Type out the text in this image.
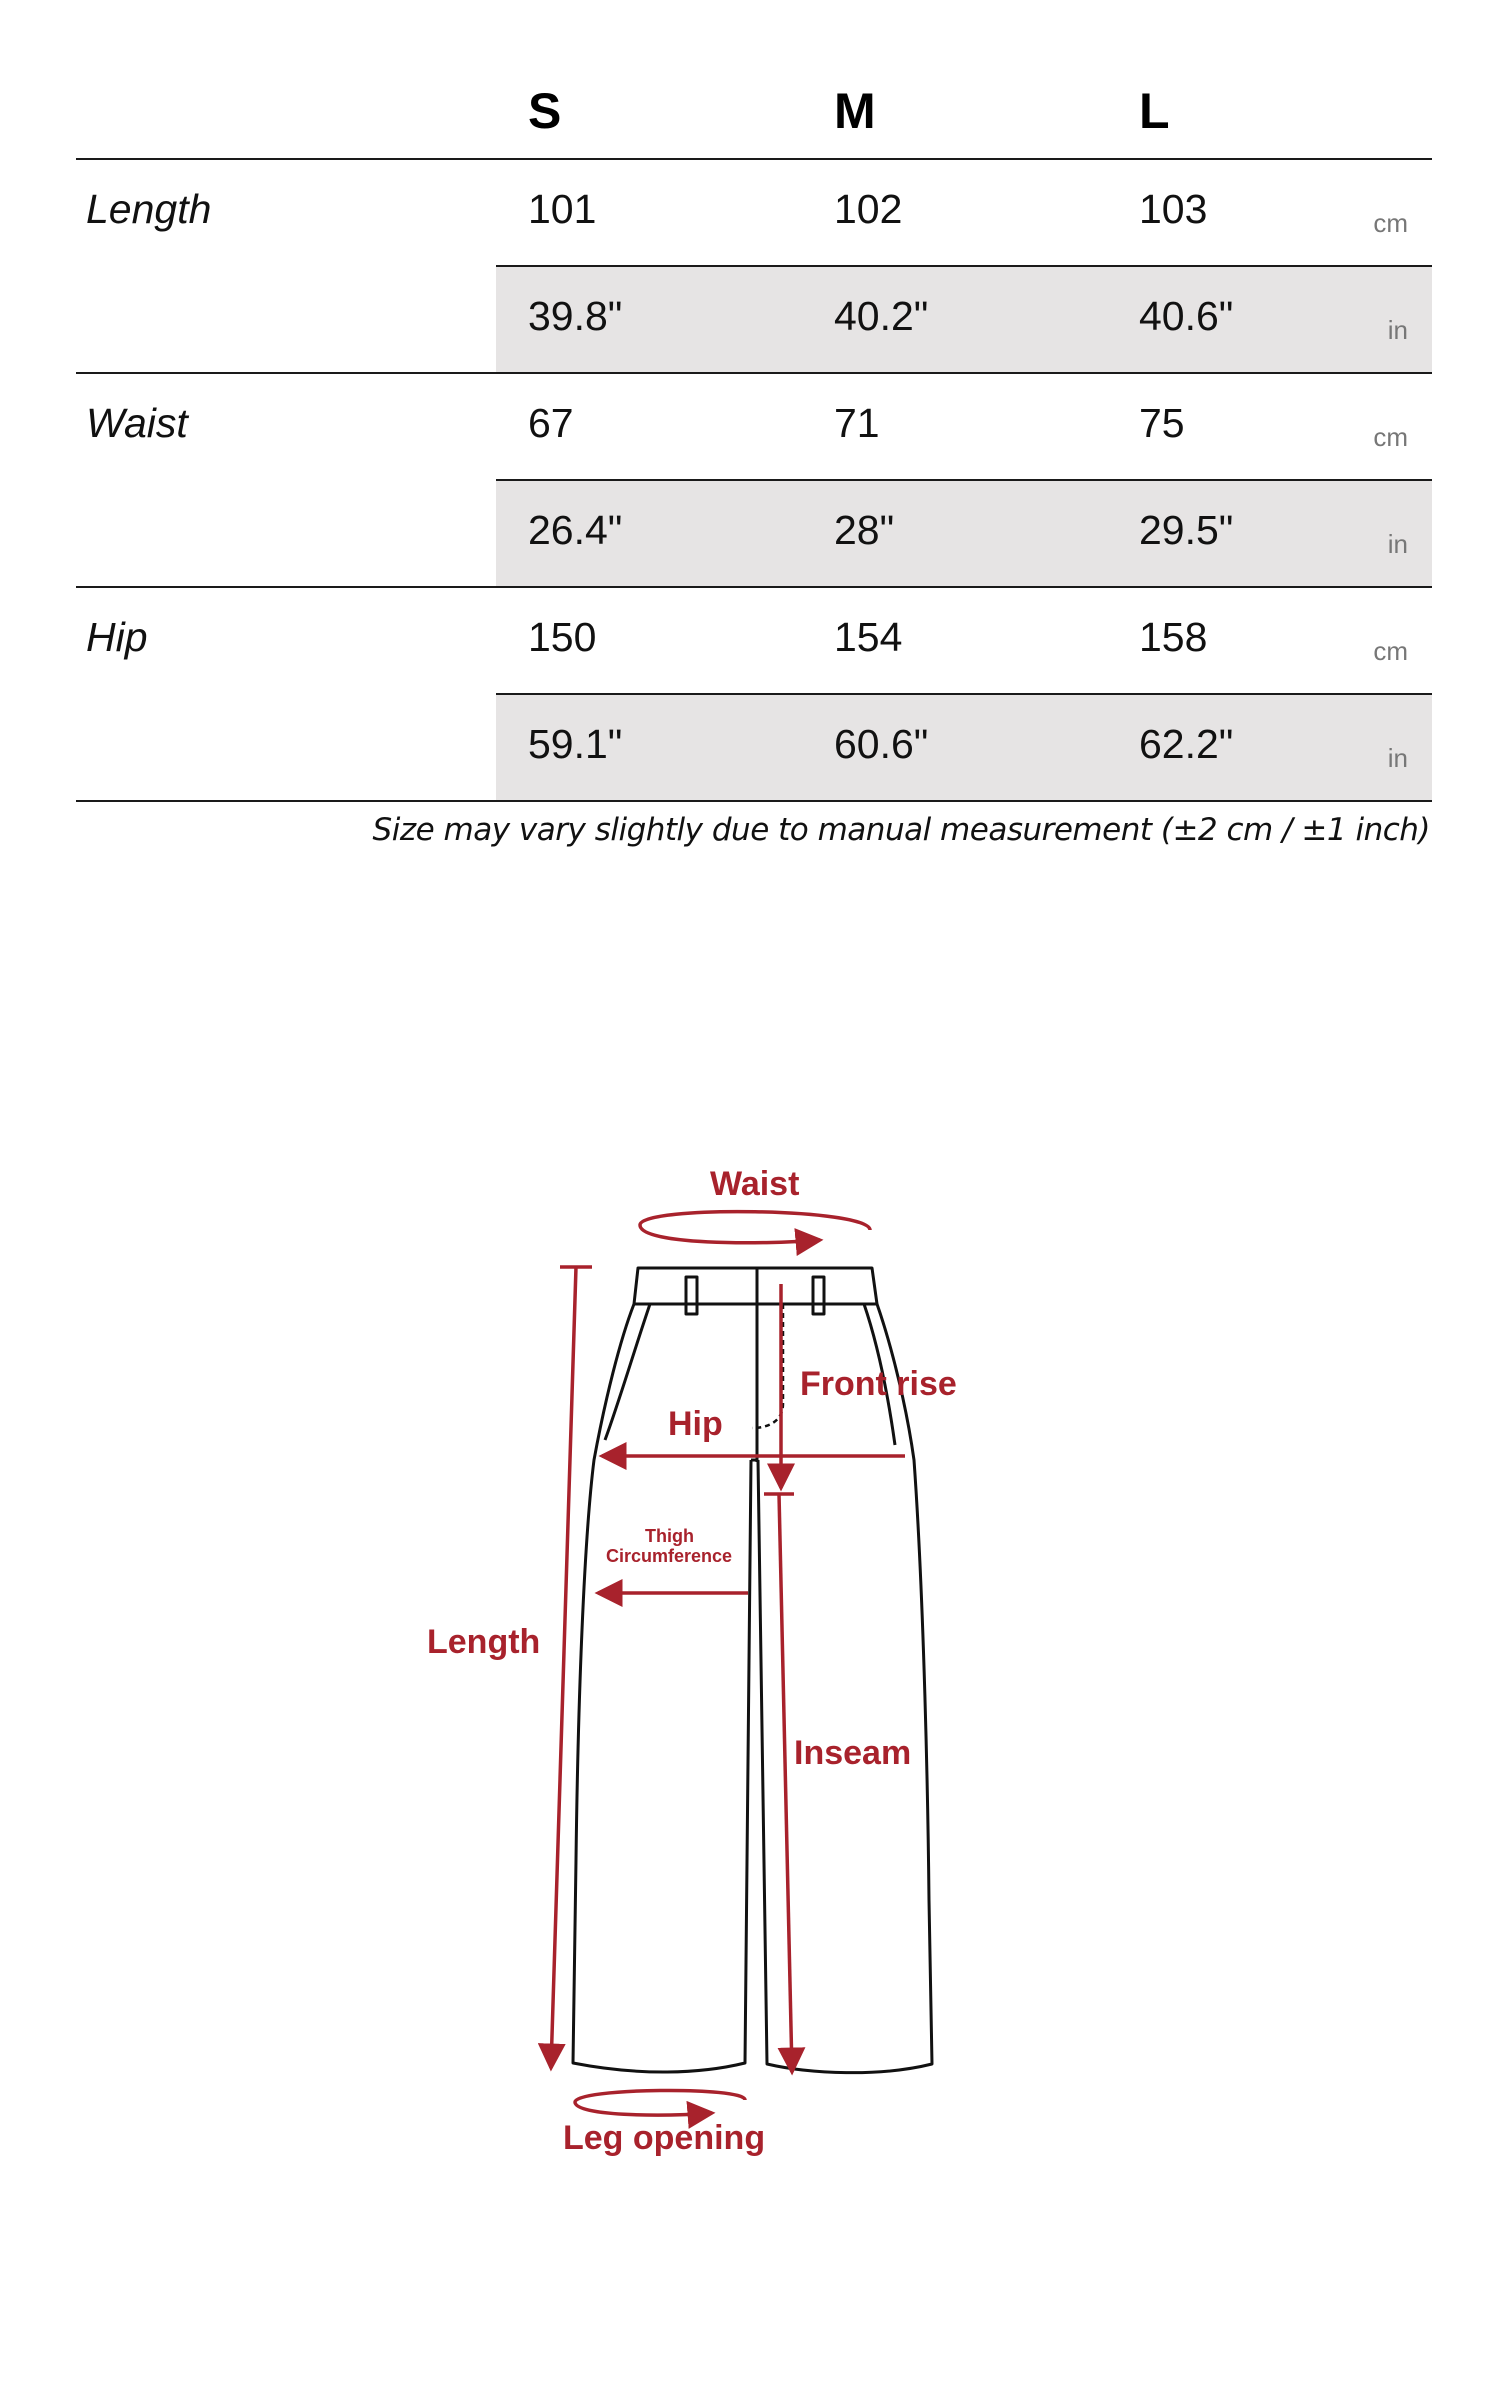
S	M	L
Length	101	102	103	cm
39.8"	40.2"	40.6"	in
Waist	67	71	75	cm
26.4"	28"	29.5"	in
Hip	150	154	158	cm
59.1"	60.6"	62.2"	in
Size may vary slightly due to manual measurement (±2 cm / ±1 inch)
Waist
Front rise
Hip
Thigh
Circumference
Length
Inseam
Leg opening
